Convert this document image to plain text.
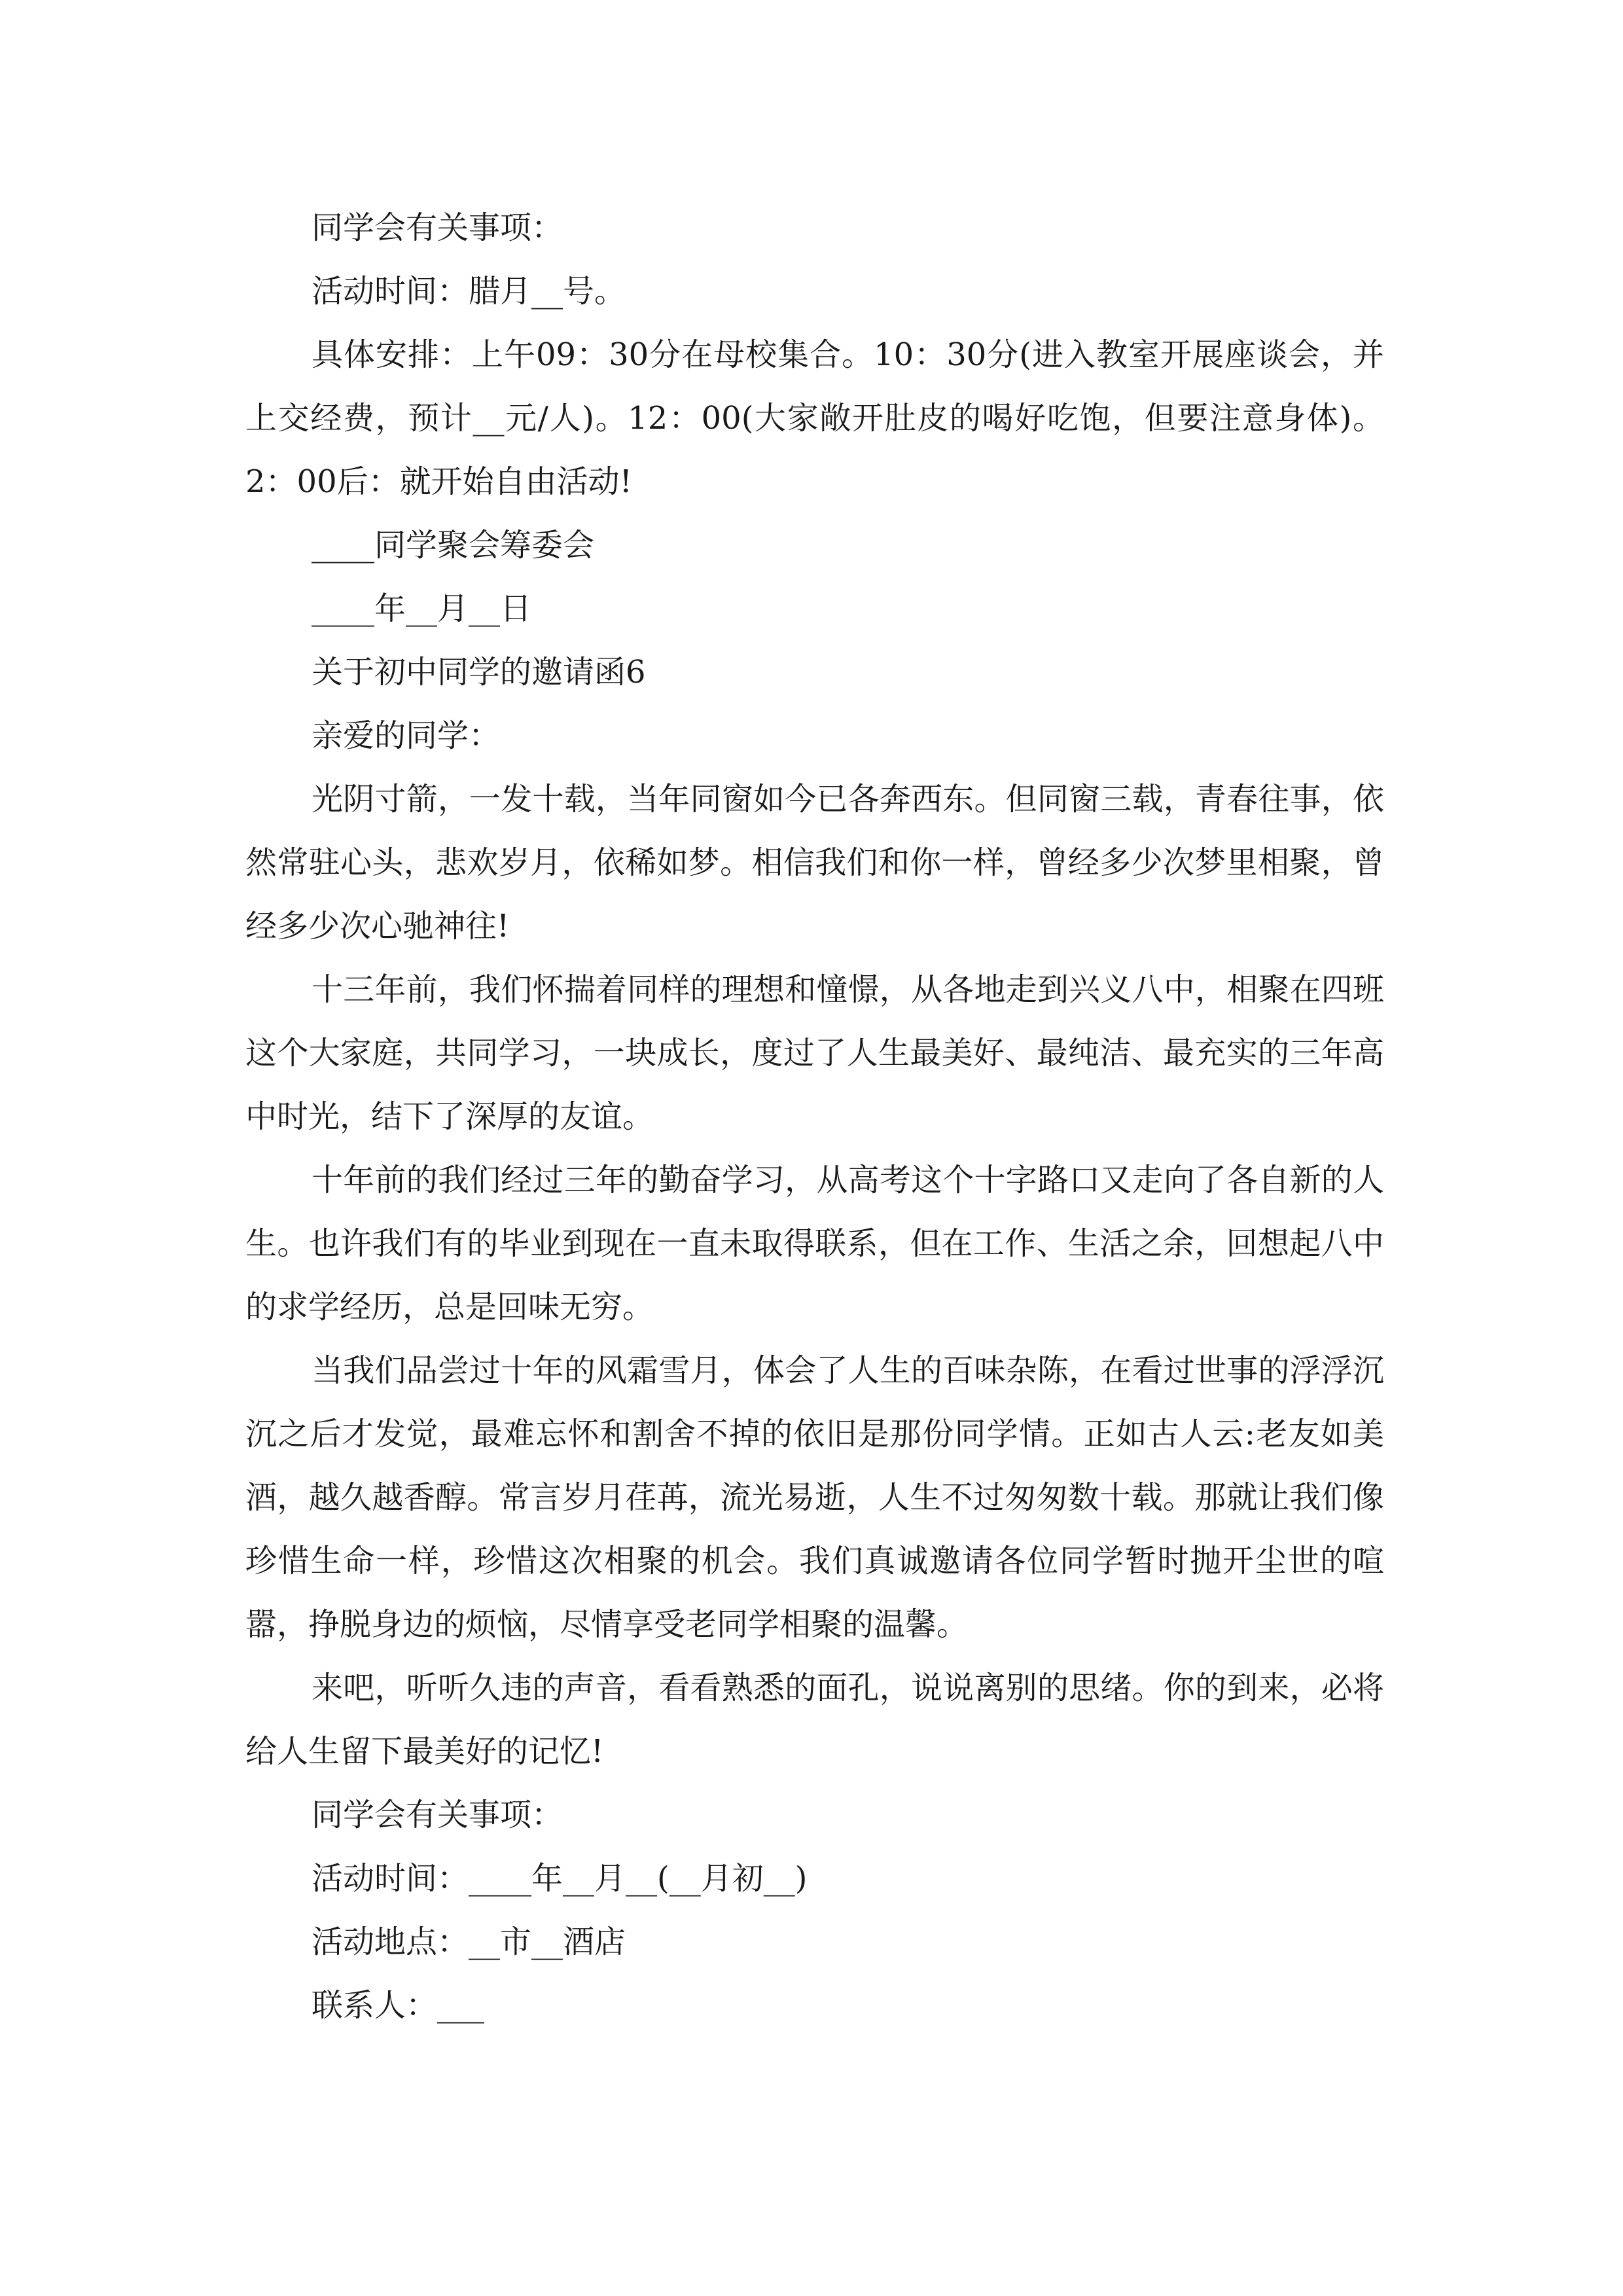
同学会有关事项：

活动时间：腊月__号。

具体安排：上午09：30分在母校集合。10：30分(进入教室开展座谈会，并上交经费，预计__元/人)。12：00(大家敞开肚皮的喝好吃饱，但要注意身体)。2：00后：就开始自由活动!

____同学聚会筹委会

____年__月__日

关于初中同学的邀请函6

亲爱的同学：

光阴寸箭，一发十载，当年同窗如今已各奔西东。但同窗三载，青春往事，依然常驻心头，悲欢岁月，依稀如梦。相信我们和你一样，曾经多少次梦里相聚，曾经多少次心驰神往!

十三年前，我们怀揣着同样的理想和憧憬，从各地走到兴义八中，相聚在四班这个大家庭，共同学习，一块成长，度过了人生最美好、最纯洁、最充实的三年高中时光，结下了深厚的友谊。

十年前的我们经过三年的勤奋学习，从高考这个十字路口又走向了各自新的人生。也许我们有的毕业到现在一直未取得联系，但在工作、生活之余，回想起八中的求学经历，总是回味无穷。

当我们品尝过十年的风霜雪月，体会了人生的百味杂陈，在看过世事的浮浮沉沉之后才发觉，最难忘怀和割舍不掉的依旧是那份同学情。正如古人云:老友如美酒，越久越香醇。常言岁月荏苒，流光易逝，人生不过匆匆数十载。那就让我们像珍惜生命一样，珍惜这次相聚的机会。我们真诚邀请各位同学暂时抛开尘世的喧嚣，挣脱身边的烦恼，尽情享受老同学相聚的温馨。

来吧，听听久违的声音，看看熟悉的面孔，说说离别的思绪。你的到来，必将给人生留下最美好的记忆!

同学会有关事项：

活动时间：____年__月__(__月初__)

活动地点：__市__酒店

联系人：___
